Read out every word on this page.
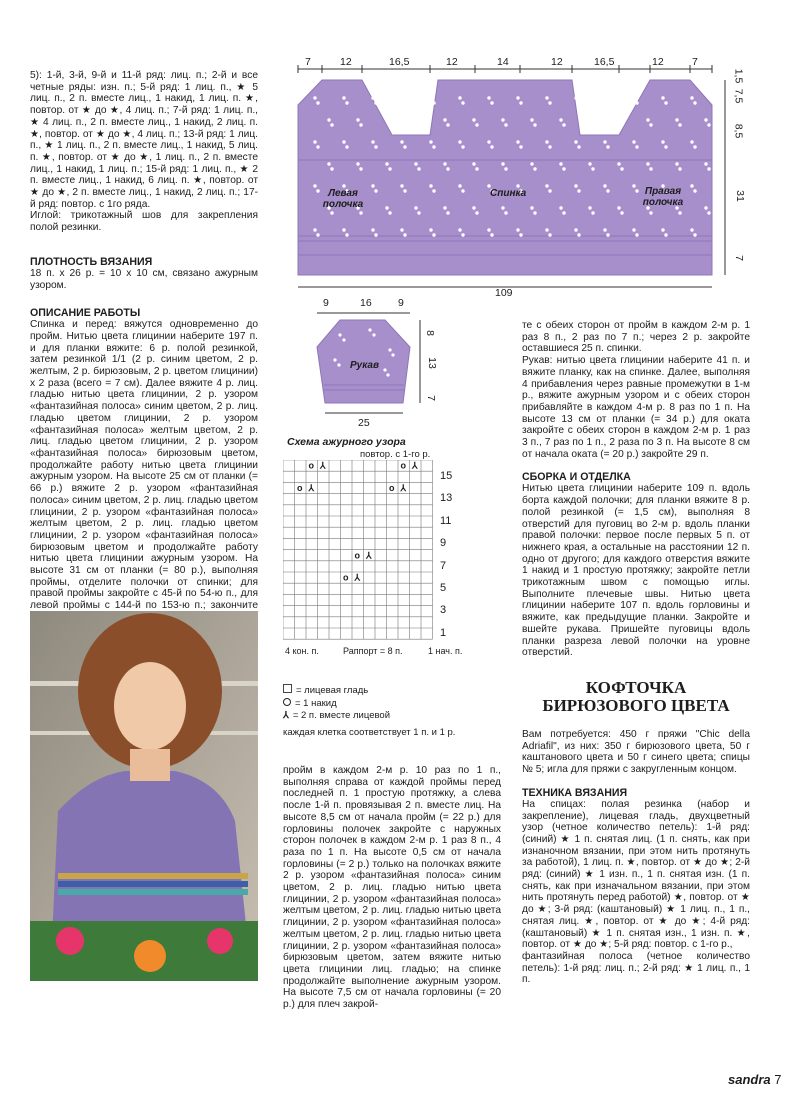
5): 1-й, 3-й, 9-й и 11-й ряд: лиц. п.; 2-й и все четные ряды: изн. п.; 5-й ряд: 1 лиц. п., ★ 5 лиц. п., 2 п. вместе лиц., 1 накид, 1 лиц. п. ★, повтор. от ★ до ★, 4 лиц. п.; 7-й ряд: 1 лиц. п., ★ 4 лиц. п., 2 п. вместе лиц., 1 накид, 2 лиц. п. ★, повтор. от ★ до ★, 4 лиц. п.; 13-й ряд: 1 лиц. п., ★ 1 лиц. п., 2 п. вместе лиц., 1 накид, 5 лиц. п. ★, повтор. от ★ до ★, 1 лиц. п., 2 п. вместе лиц., 1 накид, 1 лиц. п.; 15-й ряд: 1 лиц. п., ★ 2 п. вместе лиц., 1 накид, 6 лиц. п. ★, повтор. от ★ до ★, 2 п. вместе лиц., 1 накид, 2 лиц. п.; 17-й ряд: повтор. с 1го ряда.

Иглой: трикотажный шов для закрепления полой резинки.

ПЛОТНОСТЬ ВЯЗАНИЯ

18 п. х 26 р. = 10 х 10 см, связано ажурным узором.

ОПИСАНИЕ РАБОТЫ

Спинка и перед: вяжутся одновременно до пройм. Нитью цвета глицинии наберите 197 п. и для планки вяжите: 6 р. полой резинкой, затем резинкой 1/1 (2 р. синим цветом, 2 р. желтым, 2 р. бирюзовым, 2 р. цветом глицинии) х 2 раза (всего = 7 см). Далее вяжите 4 р. лиц. гладью нитью цвета глицинии, 2 р. узором «фантазийная полоса» синим цветом, 2 р. лиц. гладью цветом глицинии, 2 р. узором «фантазийная полоса» желтым цветом, 2 р. лиц. гладью цветом глицинии, 2 р. узором «фантазийная полоса» бирюзовым цветом, продолжайте работу нитью цвета глицинии ажурным узором. На высоте 25 см от планки (= 66 р.) вяжите 2 р. узором «фантазийная полоса» синим цветом, 2 р. лиц. гладью цветом глицинии, 2 р. узором «фантазийная полоса» желтым цветом, 2 р. лиц. гладью цветом глицинии, 2 р. узором «фантазийная полоса» бирюзовым цветом и продолжайте работу нитью цвета глицинии ажурным узором. На высоте 31 см от планки (= 80 р.), выполняя проймы, отделите полочки от спинки; для правой проймы закройте с 45-й по 54-ю п., для левой проймы с 144-й по 153-ю п.; закончите

7	12	16,5	12	14	12	16,5	12	7
1,5
7,5
8,5
31
7
109
Левая полочка
Спинка	Правая полочка
9	16	9
8
13
7
25
Рукав
Схема ажурного узора
повтор. с 1-го р.
o ⅄	o ⅄
o ⅄	o ⅄
o ⅄
o ⅄
15
13
11
9
7
5
3
1
4 кон. п.	Раппорт = 8 п.	1 нач. п.
= лицевая гладь
= 1 накид
⅄ = 2 п. вместе лицевой
каждая клетка соответствует 1 п. и 1 р.

пройм в каждом 2-м р. 10 раз по 1 п., выполняя справа от каждой проймы перед последней п. 1 простую протяжку, а слева после 1-й п. провязывая 2 п. вместе лиц. На высоте 8,5 см от начала пройм (= 22 р.) для горловины полочек закройте с наружных сторон полочек в каждом 2-м р. 1 раз 8 п., 4 раза по 1 п. На высоте 0,5 см от начала горловины (= 2 р.) только на полочках вяжите 2 р. узором «фантазийная полоса» синим цветом, 2 р. лиц. гладью нитью цвета глицинии, 2 р. узором «фантазийная полоса» желтым цветом, 2 р. лиц. гладью нитью цвета глицинии, 2 р. узором «фантазийная полоса» желтым цветом, 2 р. лиц. гладью нитью цвета глицинии, 2 р. узором «фантазийная полоса» бирюзовым цветом, затем вяжите нитью цвета глицинии лиц. гладью; на спинке продолжайте выполнение ажурным узором. На высоте 7,5 см от начала горловины (= 20 р.) для плеч закрой-

те с обеих сторон от пройм в каждом 2-м р. 1 раз 8 п., 2 раз по 7 п.; через 2 р. закройте оставшиеся 25 п. спинки.

Рукав: нитью цвета глицинии наберите 41 п. и вяжите планку, как на спинке. Далее, выполняя 4 прибавления через равные промежутки в 1-м р., вяжите ажурным узором и с обеих сторон прибавляйте в каждом 4-м р. 8 раз по 1 п. На высоте 13 см от планки (= 34 р.) для оката закройте с обеих сторон в каждом 2-м р. 1 раз 3 п., 7 раз по 1 п., 2 раза по 3 п. На высоте 8 см от начала оката (= 20 р.) закройте 29 п.

СБОРКА И ОТДЕЛКА

Нитью цвета глицинии наберите 109 п. вдоль борта каждой полочки; для планки вяжите 8 р. полой резинкой (= 1,5 см), выполняя 8 отверстий для пуговиц во 2-м р. вдоль планки правой полочки: первое после первых 5 п. от нижнего края, а остальные на расстоянии 12 п. одно от другого; для каждого отверстия вяжите 1 накид и 1 простую протяжку; закройте петли трикотажным швом с помощью иглы. Выполните плечевые швы. Нитью цвета глицинии наберите 107 п. вдоль горловины и вяжите, как предыдущие планки. Закройте и вшейте рукава. Пришейте пуговицы вдоль планки разреза левой полочки на уровне отверстий.

КОФТОЧКА БИРЮЗОВОГО ЦВЕТА

Вам потребуется: 450 г пряжи "Chic della Adriafil", из них: 350 г бирюзового цвета, 50 г каштанового цвета и 50 г синего цвета; спицы № 5; игла для пряжи с закругленным концом.

ТЕХНИКА ВЯЗАНИЯ

На спицах: полая резинка (набор и закрепление), лицевая гладь, двухцветный узор (четное количество петель): 1-й ряд: (синий) ★ 1 п. снятая лиц. (1 п. снять, как при изнаночном вязании, при этом нить протянуть за работой), 1 лиц. п. ★, повтор. от ★ до ★; 2-й ряд: (синий) ★ 1 изн. п., 1 п. снятая изн. (1 п. снять, как при изначальном вязании, при этом нить протянуть перед работой) ★, повтор. от ★ до ★; 3-й ряд: (каштановый) ★ 1 лиц. п., 1 п., снятая лиц. ★, повтор. от ★ до ★; 4-й ряд: (каштановый) ★ 1 п. снятая изн., 1 изн. п. ★, повтор. от ★ до ★; 5-й ряд: повтор. с 1-го р.,

фантазийная полоса (четное количество петель): 1-й ряд: лиц. п.; 2-й ряд: ★ 1 лиц. п., 1 п.

sandra 7
